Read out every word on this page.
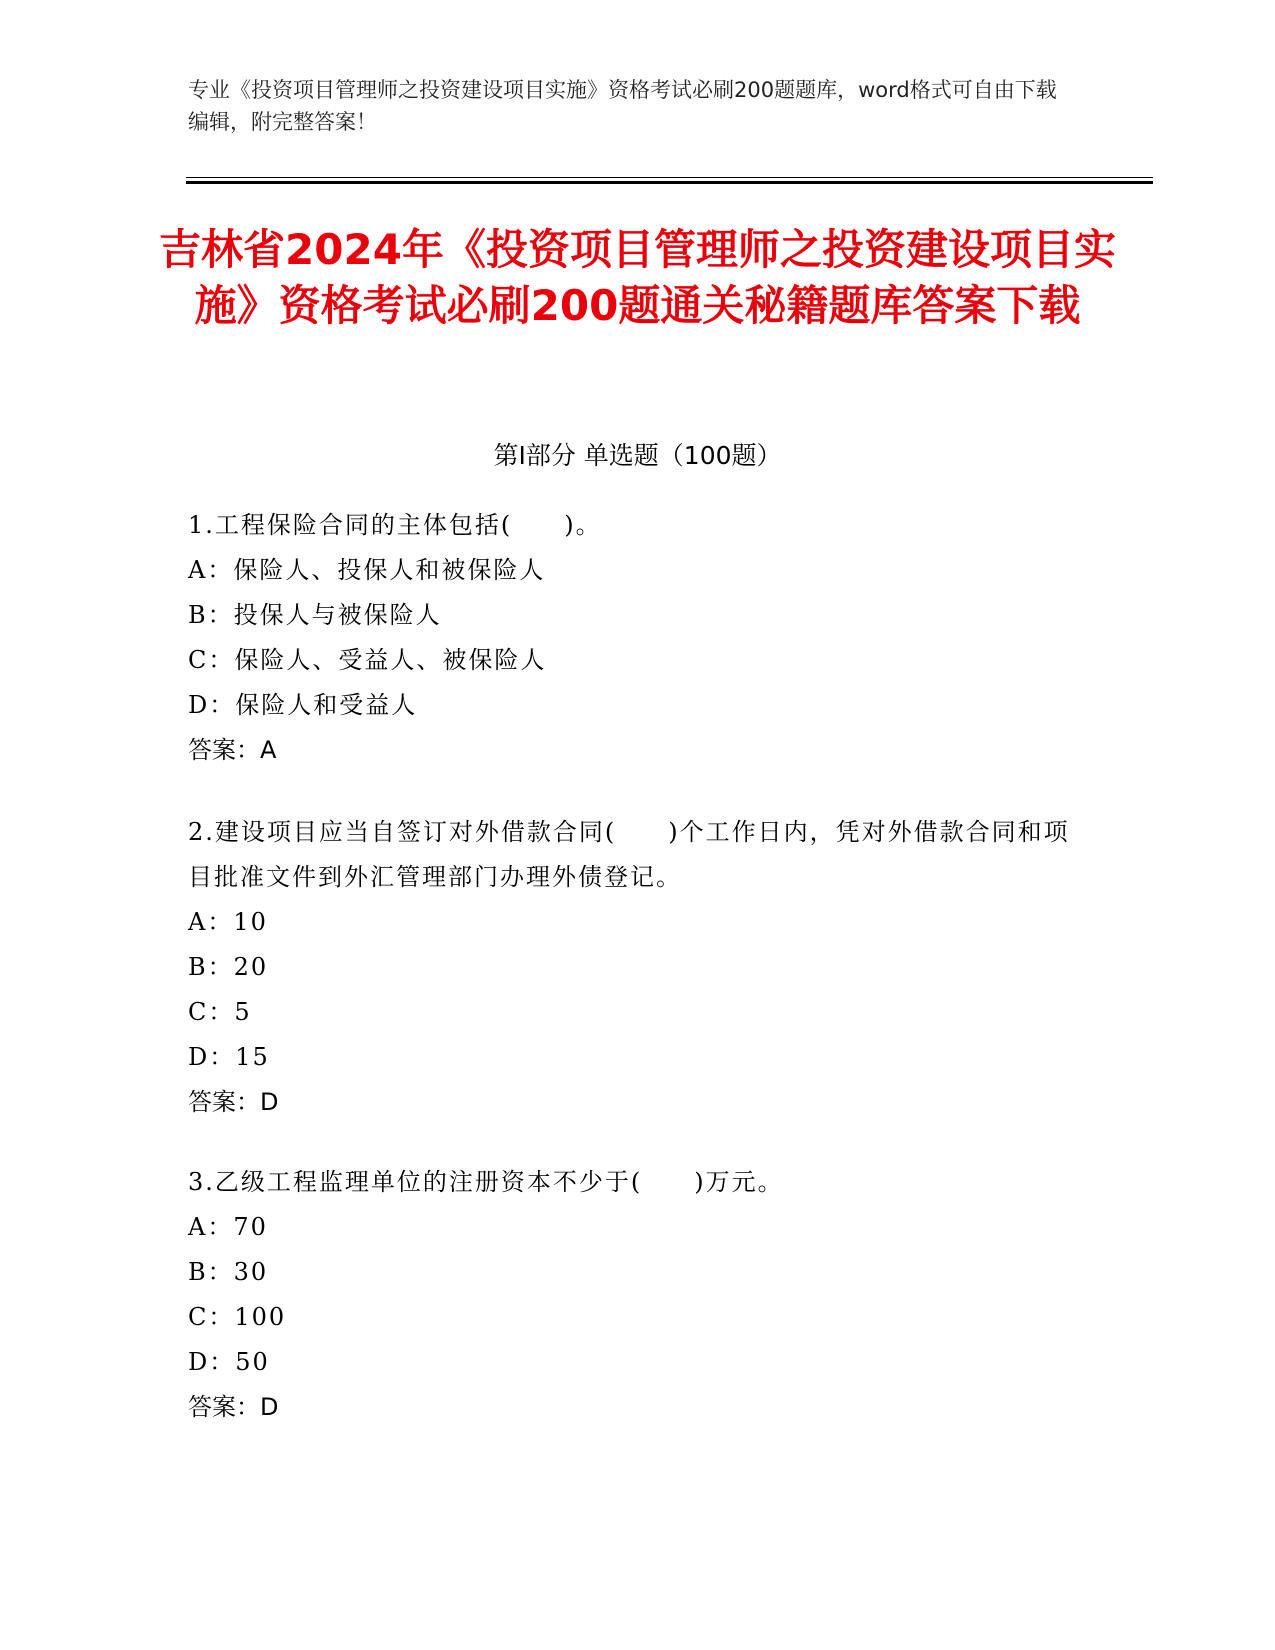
专业《投资项目管理师之投资建设项目实施》资格考试必刷200题题库，word格式可自由下载编辑，附完整答案！
吉林省2024年《投资项目管理师之投资建设项目实施》资格考试必刷200题通关秘籍题库答案下载
第I部分 单选题（100题）

1.工程保险合同的主体包括(　　)。

A：保险人、投保人和被保险人

B：投保人与被保险人

C：保险人、受益人、被保险人

D：保险人和受益人

答案：A

2.建设项目应当自签订对外借款合同(　　)个工作日内，凭对外借款合同和项目批准文件到外汇管理部门办理外债登记。

A：10

B：20

C：5

D：15

答案：D

3.乙级工程监理单位的注册资本不少于(　　)万元。

A：70

B：30

C：100

D：50

答案：D
